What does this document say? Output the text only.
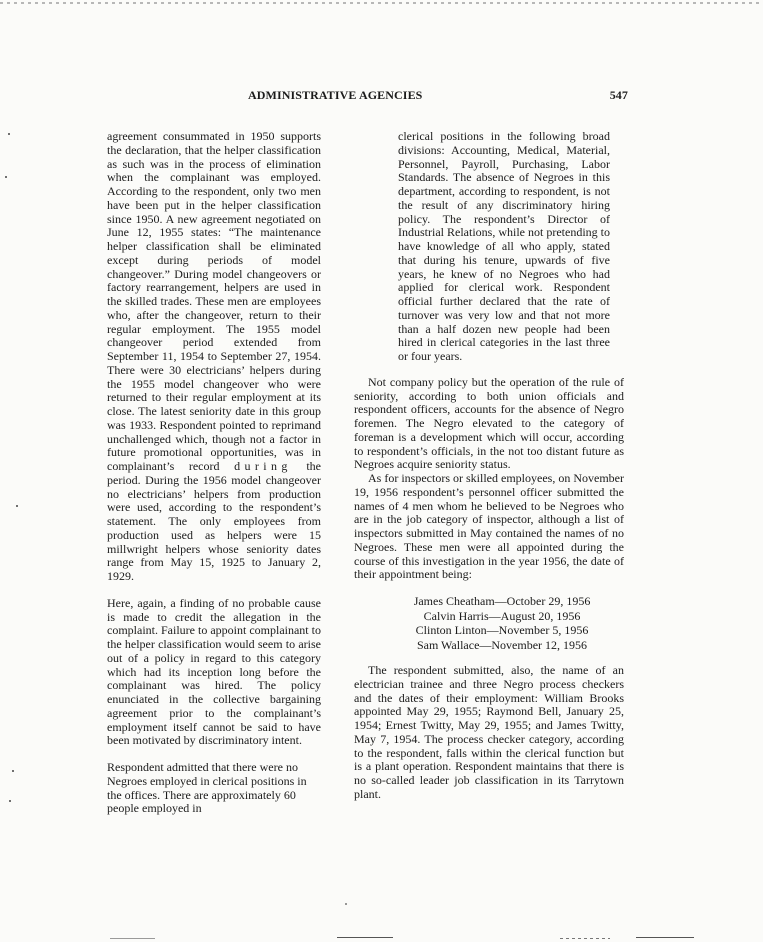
ADMINISTRATIVE AGENCIES	547

agreement consummated in 1950 supports the declaration, that the helper classification as such was in the process of elimination when the complainant was employed. According to the respondent, only two men have been put in the helper classification since 1950. A new agreement negotiated on June 12, 1955 states: “The maintenance helper classification shall be eliminated except during periods of model changeover.” During model changeovers or factory rearrangement, helpers are used in the skilled trades. These men are employees who, after the changeover, return to their regular employment. The 1955 model changeover period extended from September 11, 1954 to September 27, 1954. There were 30 electricians’ helpers during the 1955 model changeover who were returned to their regular employment at its close. The latest seniority date in this group was 1933. Respondent pointed to reprimand unchallenged which, though not a factor in future promotional opportunities, was in complainant’s record during the period. During the 1956 model changeover no electricians’ helpers from production were used, according to the respondent’s statement. The only employees from production used as helpers were 15 millwright helpers whose seniority dates range from May 15, 1925 to January 2, 1929.

Here, again, a finding of no probable cause is made to credit the allegation in the complaint. Failure to appoint complainant to the helper classification would seem to arise out of a policy in regard to this category which had its inception long before the complainant was hired. The policy enunciated in the collective bargaining agreement prior to the complainant’s employment itself cannot be said to have been motivated by discriminatory intent.

Respondent admitted that there were no Negroes employed in clerical positions in the offices. There are approximately 60 people employed in

clerical positions in the following broad divisions: Accounting, Medical, Material, Personnel, Payroll, Purchasing, Labor Standards. The absence of Negroes in this department, according to respondent, is not the result of any discriminatory hiring policy. The respondent’s Director of Industrial Relations, while not pretending to have knowledge of all who apply, stated that during his tenure, upwards of five years, he knew of no Negroes who had applied for clerical work. Respondent official further declared that the rate of turnover was very low and that not more than a half dozen new people had been hired in clerical categories in the last three or four years.

Not company policy but the operation of the rule of seniority, according to both union officials and respondent officers, accounts for the absence of Negro foremen. The Negro elevated to the category of foreman is a development which will occur, according to respondent’s officials, in the not too distant future as Negroes acquire seniority status.

As for inspectors or skilled employees, on November 19, 1956 respondent’s personnel officer submitted the names of 4 men whom he believed to be Negroes who are in the job category of inspector, although a list of inspectors submitted in May contained the names of no Negroes. These men were all appointed during the course of this investigation in the year 1956, the date of their appointment being:

James Cheatham—October 29, 1956
Calvin Harris—August 20, 1956
Clinton Linton—November 5, 1956
Sam Wallace—November 12, 1956

The respondent submitted, also, the name of an electrician trainee and three Negro process checkers and the dates of their employment: William Brooks appointed May 29, 1955; Raymond Bell, January 25, 1954; Ernest Twitty, May 29, 1955; and James Twitty, May 7, 1954. The process checker category, according to the respondent, falls within the clerical function but is a plant operation. Respondent maintains that there is no so-called leader job classification in its Tarrytown plant.
